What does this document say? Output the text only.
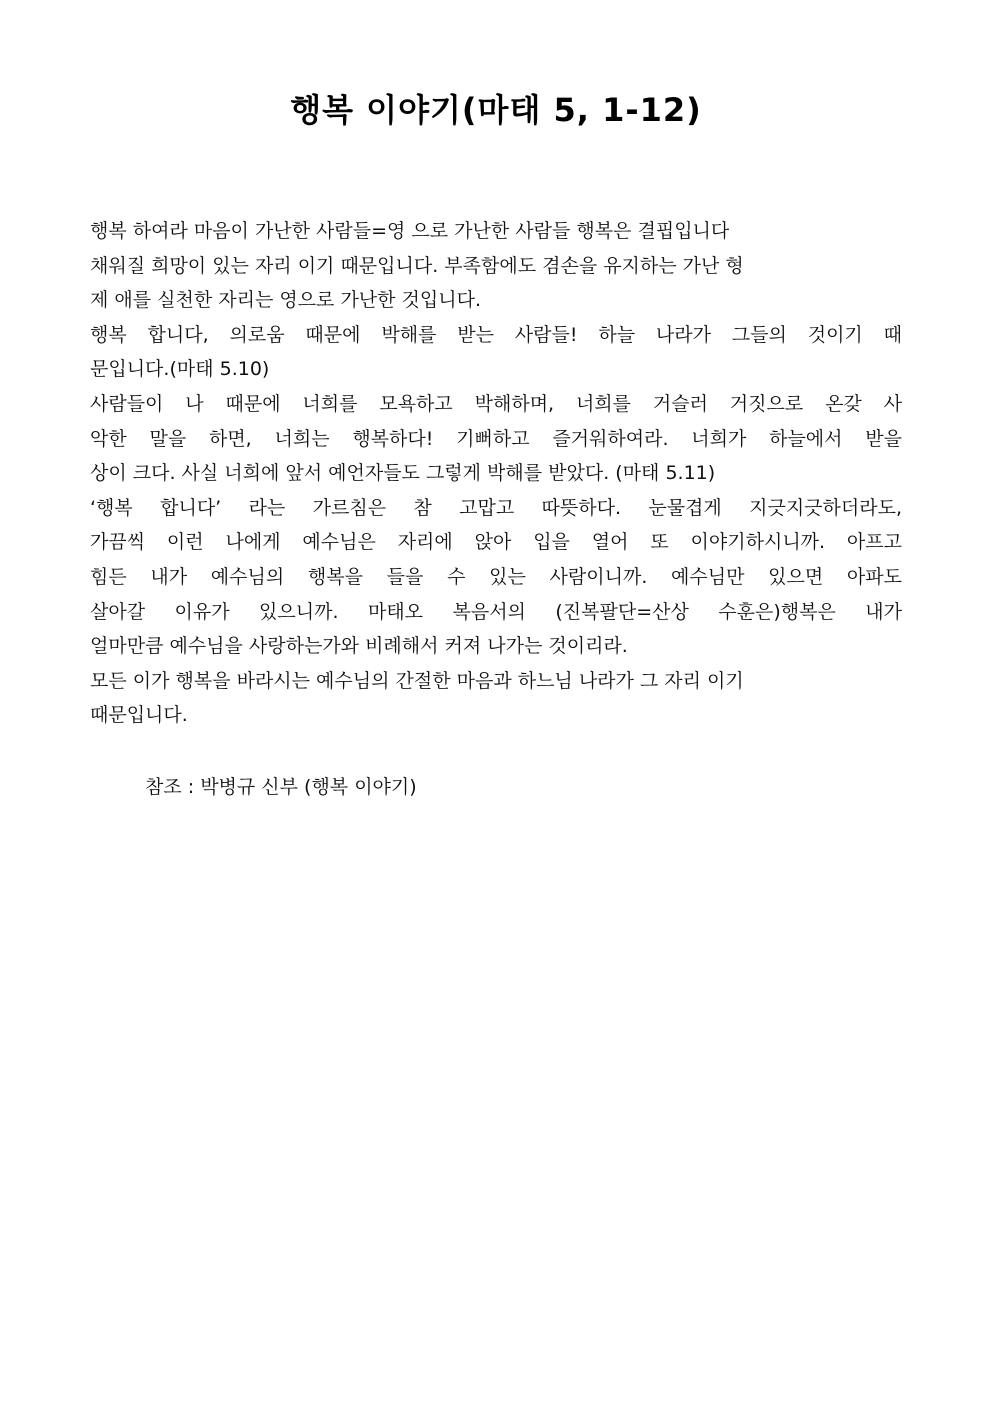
행복 이야기(마태 5, 1-12)
행복 하여라 마음이 가난한 사람들=영 으로 가난한 사람들 행복은 결핍입니다
채워질 희망이 있는 자리 이기 때문입니다. 부족함에도 겸손을 유지하는 가난 형
제 애를 실천한 자리는 영으로 가난한 것입니다.
행복 합니다, 의로움 때문에 박해를 받는 사람들! 하늘 나라가 그들의 것이기 때
문입니다.(마태 5.10)
사람들이 나 때문에 너희를 모욕하고 박해하며, 너희를 거슬러 거짓으로 온갖 사
악한 말을 하면, 너희는 행복하다! 기뻐하고 즐거워하여라. 너희가 하늘에서 받을
상이 크다. 사실 너희에 앞서 예언자들도 그렇게 박해를 받았다. (마태 5.11)
‘행복 합니다’ 라는 가르침은 참 고맙고 따뜻하다. 눈물겹게 지긋지긋하더라도,
가끔씩 이런 나에게 예수님은 자리에 앉아 입을 열어 또 이야기하시니까. 아프고
힘든 내가 예수님의 행복을 들을 수 있는 사람이니까. 예수님만 있으면 아파도
살아갈 이유가 있으니까. 마태오 복음서의 (진복팔단=산상 수훈은)행복은 내가
얼마만큼 예수님을 사랑하는가와 비례해서 커져 나가는 것이리라.
모든 이가 행복을 바라시는 예수님의 간절한 마음과 하느님 나라가 그 자리 이기
때문입니다.
참조 : 박병규 신부 (행복 이야기)
